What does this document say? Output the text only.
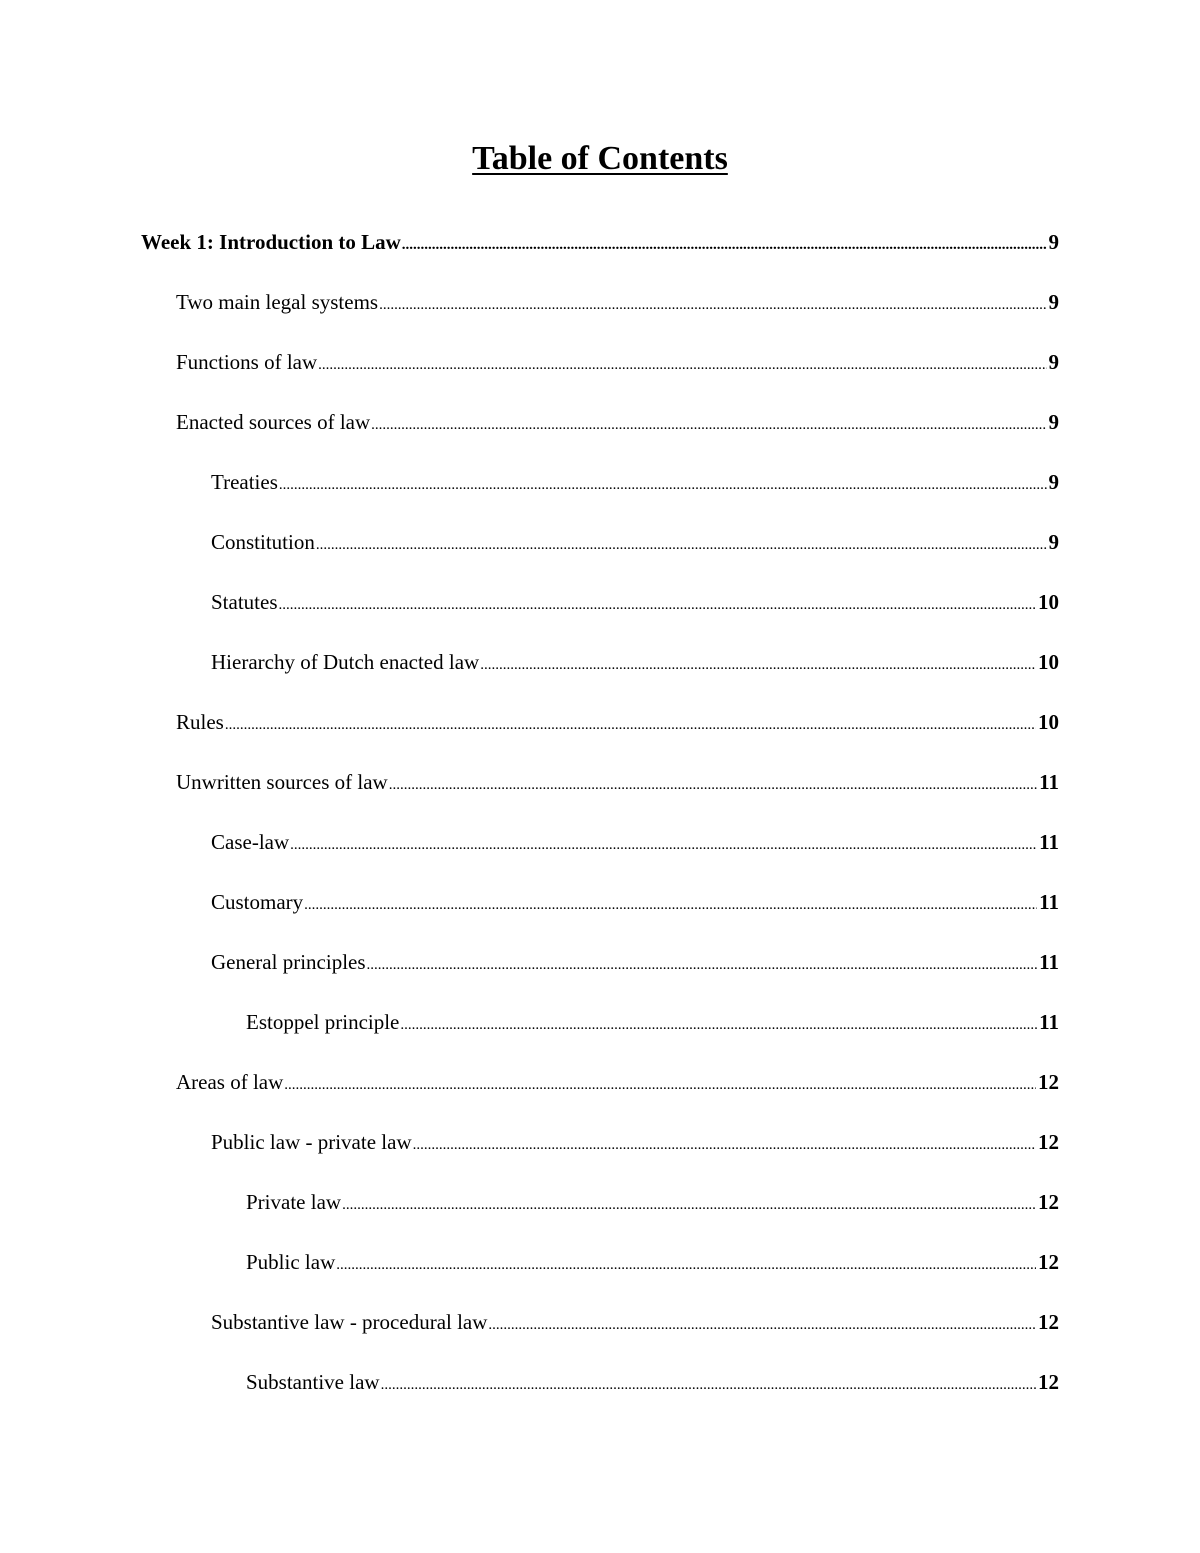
Table of Contents
Week 1: Introduction to Law .....	9
Two main legal systems .....	9
Functions of law .....	9
Enacted sources of law .....	9
Treaties .....	9
Constitution .....	9
Statutes .....	10
Hierarchy of Dutch enacted law .....	10
Rules .....	10
Unwritten sources of law .....	11
Case-law .....	11
Customary .....	11
General principles .....	11
Estoppel principle .....	11
Areas of law .....	12
Public law - private law .....	12
Private law .....	12
Public law .....	12
Substantive law - procedural law .....	12
Substantive law .....	12
